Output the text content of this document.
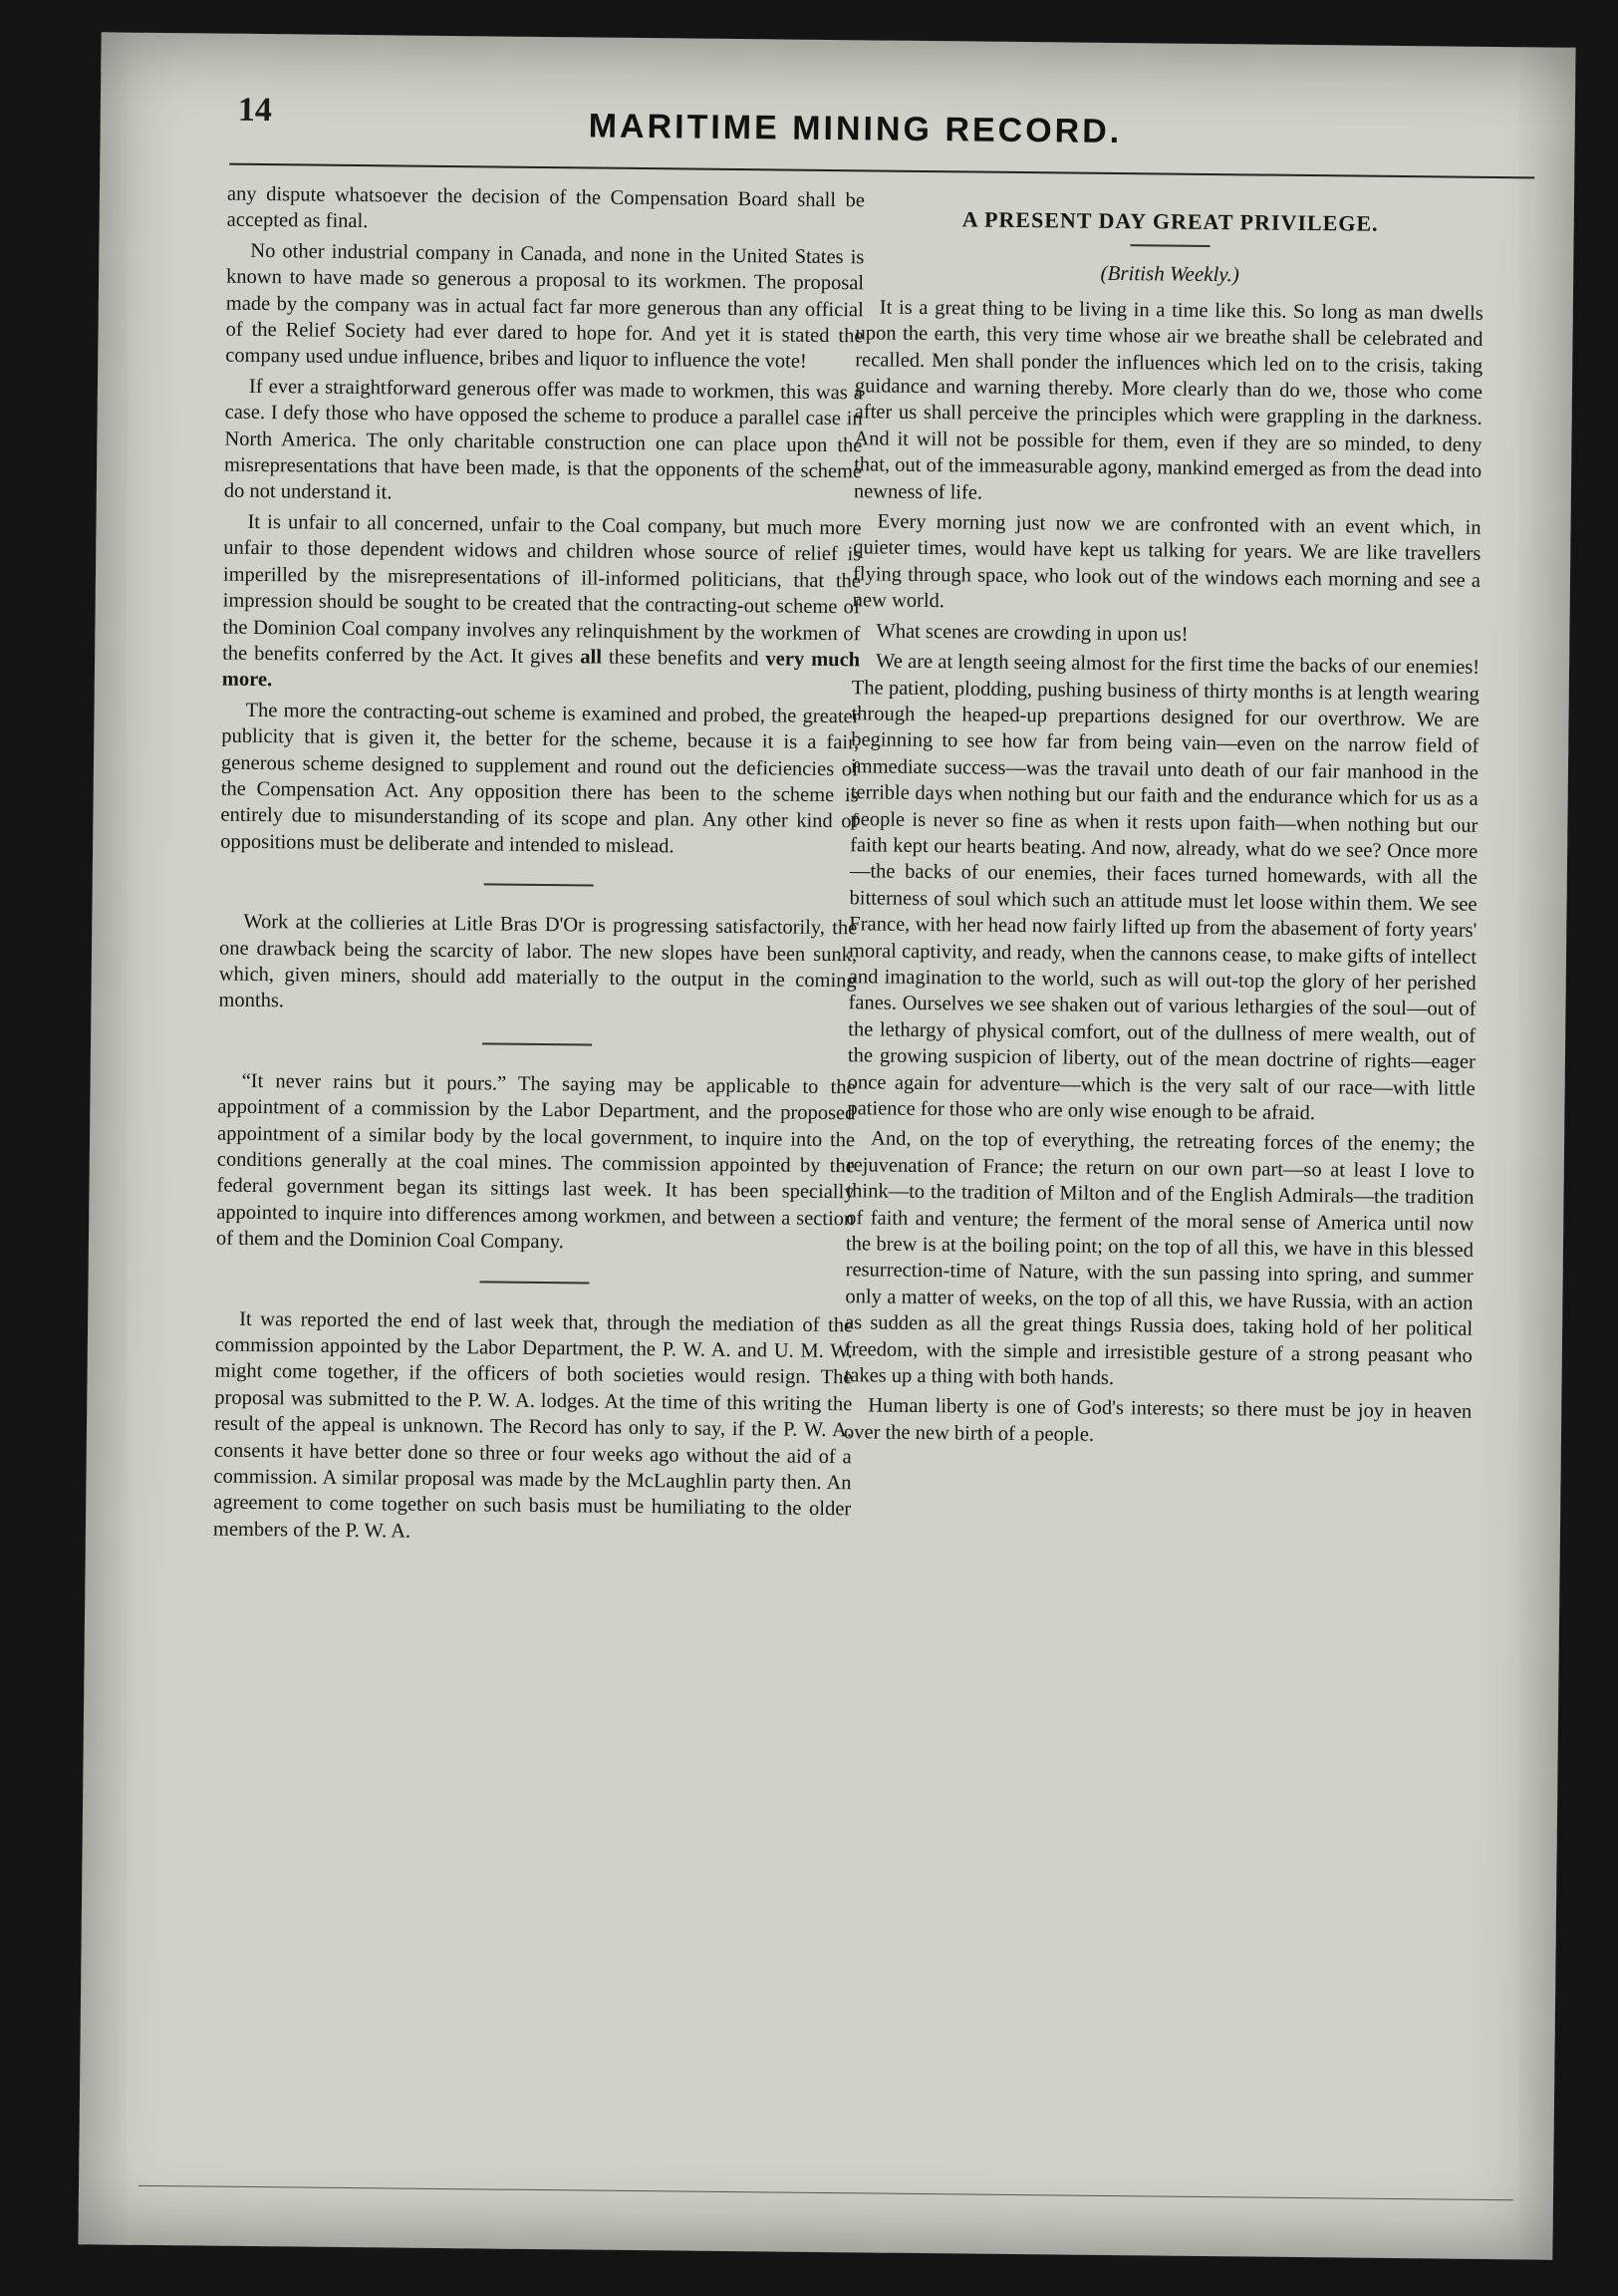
14	MARITIME MINING RECORD.

any dispute whatsoever the decision of the Compensation Board shall be accepted as final.

No other industrial company in Canada, and none in the United States is known to have made so generous a proposal to its workmen. The proposal made by the company was in actual fact far more generous than any official of the Relief Society had ever dared to hope for. And yet it is stated the company used undue influence, bribes and liquor to influence the vote!

If ever a straightforward generous offer was made to workmen, this was a case. I defy those who have opposed the scheme to produce a parallel case in North America. The only charitable construction one can place upon the misrepresentations that have been made, is that the opponents of the scheme do not understand it.

It is unfair to all concerned, unfair to the Coal company, but much more unfair to those dependent widows and children whose source of relief is imperilled by the misrepresentations of ill-informed politicians, that the impression should be sought to be created that the contracting-out scheme of the Dominion Coal company involves any relinquishment by the workmen of the benefits conferred by the Act. It gives all these benefits and very much more.

The more the contracting-out scheme is examined and probed, the greater publicity that is given it, the better for the scheme, because it is a fair, generous scheme designed to supplement and round out the deficiencies of the Compensation Act. Any opposition there has been to the scheme is entirely due to misunderstanding of its scope and plan. Any other kind of oppositions must be deliberate and intended to mislead.

Work at the collieries at Litle Bras D'Or is progressing satisfactorily, the one drawback being the scarcity of labor. The new slopes have been sunk, which, given miners, should add materially to the output in the coming months.

“It never rains but it pours.” The saying may be applicable to the appointment of a commission by the Labor Department, and the proposed appointment of a similar body by the local government, to inquire into the conditions generally at the coal mines. The commission appointed by the federal government began its sittings last week. It has been specially appointed to inquire into differences among workmen, and between a section of them and the Dominion Coal Company.

It was reported the end of last week that, through the mediation of the commission appointed by the Labor Department, the P. W. A. and U. M. W. might come together, if the officers of both societies would resign. The proposal was submitted to the P. W. A. lodges. At the time of this writing the result of the appeal is unknown. The Record has only to say, if the P. W. A. consents it have better done so three or four weeks ago without the aid of a commission. A similar proposal was made by the McLaughlin party then. An agreement to come together on such basis must be humiliating to the older members of the P. W. A.

A PRESENT DAY GREAT PRIVILEGE.
(British Weekly.)

It is a great thing to be living in a time like this. So long as man dwells upon the earth, this very time whose air we breathe shall be celebrated and recalled. Men shall ponder the influences which led on to the crisis, taking guidance and warning thereby. More clearly than do we, those who come after us shall perceive the principles which were grappling in the darkness. And it will not be possible for them, even if they are so minded, to deny that, out of the immeasurable agony, mankind emerged as from the dead into newness of life.

Every morning just now we are confronted with an event which, in quieter times, would have kept us talking for years. We are like travellers flying through space, who look out of the windows each morning and see a new world.

What scenes are crowding in upon us!

We are at length seeing almost for the first time the backs of our enemies! The patient, plodding, pushing business of thirty months is at length wearing through the heaped-up prepartions designed for our overthrow. We are beginning to see how far from being vain—even on the narrow field of immediate success—was the travail unto death of our fair manhood in the terrible days when nothing but our faith and the endurance which for us as a people is never so fine as when it rests upon faith—when nothing but our faith kept our hearts beating. And now, already, what do we see? Once more—the backs of our enemies, their faces turned homewards, with all the bitterness of soul which such an attitude must let loose within them. We see France, with her head now fairly lifted up from the abasement of forty years' moral captivity, and ready, when the cannons cease, to make gifts of intellect and imagination to the world, such as will out-top the glory of her perished fanes. Ourselves we see shaken out of various lethargies of the soul—out of the lethargy of physical comfort, out of the dullness of mere wealth, out of the growing suspicion of liberty, out of the mean doctrine of rights—eager once again for adventure—which is the very salt of our race—with little patience for those who are only wise enough to be afraid.

And, on the top of everything, the retreating forces of the enemy; the rejuvenation of France; the return on our own part—so at least I love to think—to the tradition of Milton and of the English Admirals—the tradition of faith and venture; the ferment of the moral sense of America until now the brew is at the boiling point; on the top of all this, we have in this blessed resurrection-time of Nature, with the sun passing into spring, and summer only a matter of weeks, on the top of all this, we have Russia, with an action as sudden as all the great things Russia does, taking hold of her political freedom, with the simple and irresistible gesture of a strong peasant who takes up a thing with both hands.

Human liberty is one of God's interests; so there must be joy in heaven over the new birth of a people.
